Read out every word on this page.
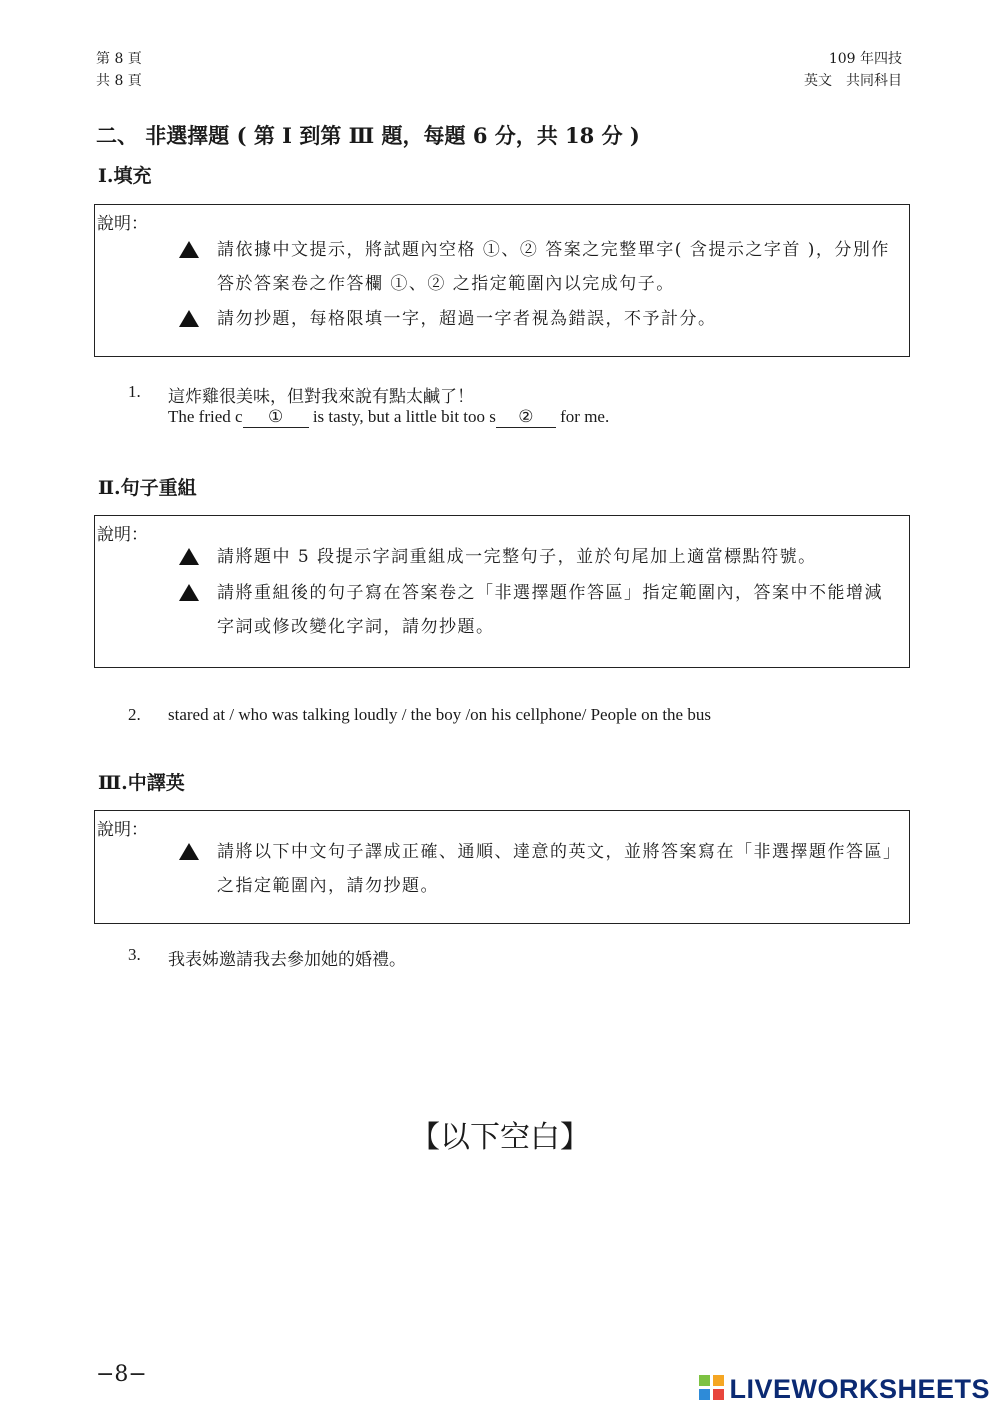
第 8 頁
共 8 頁
109 年四技
英文　共同科目
二、 非選擇題 ( 第 I 到第 Ⅲ 題，每題 6 分，共 18 分 )
Ⅰ.填充
說明：
請依據中文提示，將試題內空格 ①、② 答案之完整單字( 含提示之字首 )，分別作答於答案卷之作答欄 ①、② 之指定範圍內以完成句子。
請勿抄題，每格限填一字，超過一字者視為錯誤，不予計分。
1. 這炸雞很美味，但對我來說有點太鹹了！
The fried c ① is tasty, but a little bit too s ② for me.
Ⅱ.句子重組
說明：
請將題中 5 段提示字詞重組成一完整句子，並於句尾加上適當標點符號。
請將重組後的句子寫在答案卷之「非選擇題作答區」指定範圍內，答案中不能增減字詞或修改變化字詞，請勿抄題。
2. stared at / who was talking loudly / the boy /on his cellphone/ People on the bus
Ⅲ.中譯英
說明：
請將以下中文句子譯成正確、通順、達意的英文，並將答案寫在「非選擇題作答區」之指定範圍內，請勿抄題。
3. 我表姊邀請我去參加她的婚禮。
【以下空白】
−8−	LIVEWORKSHEETS
